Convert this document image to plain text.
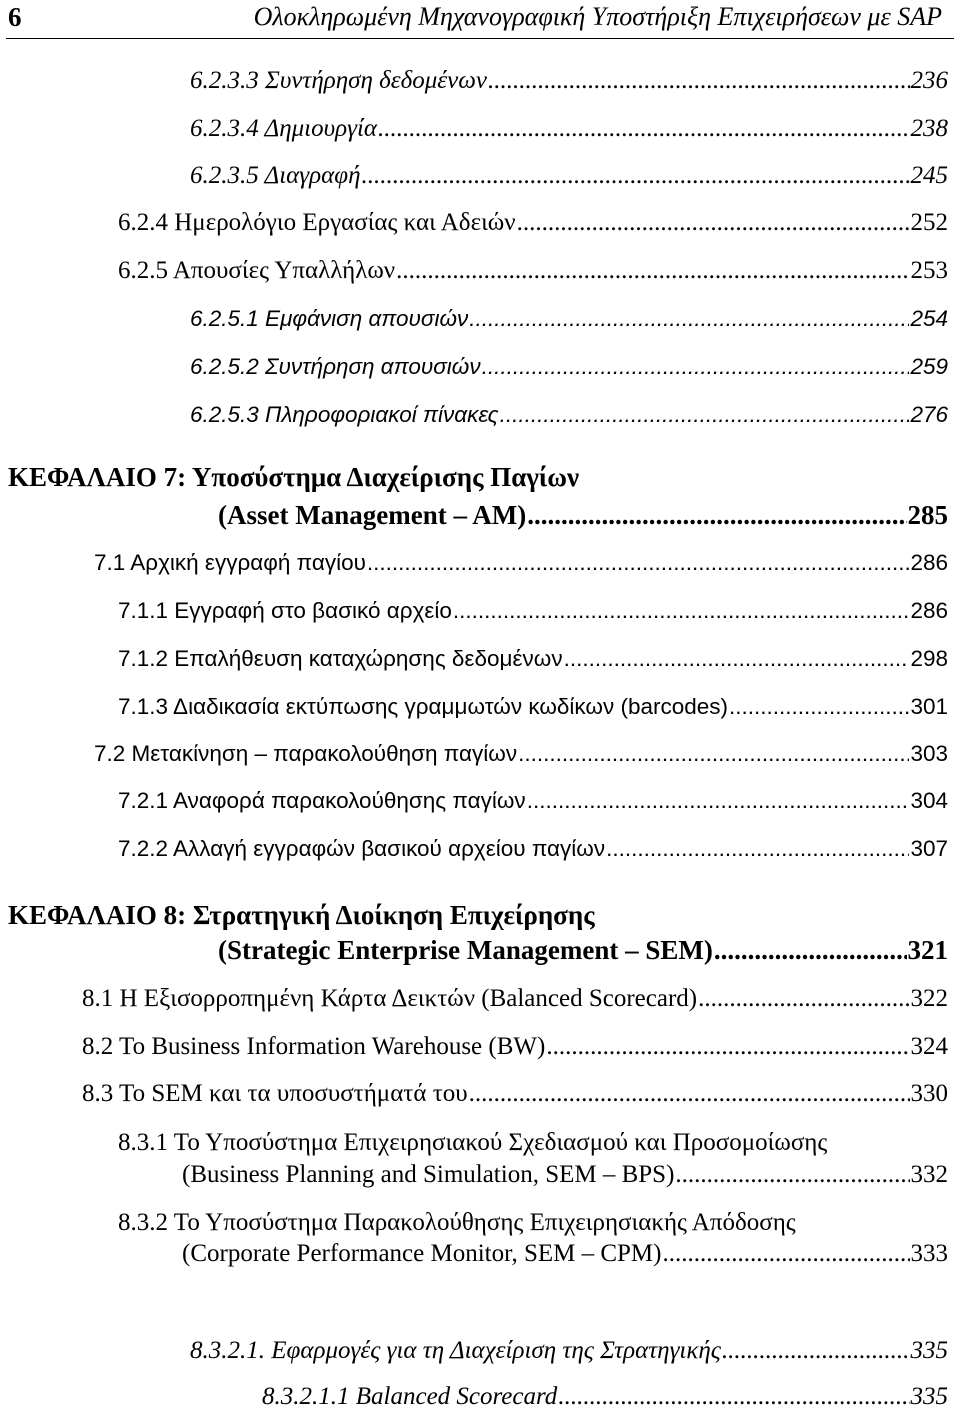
6	Ολοκληρωμένη Μηχανογραφική Υποστήριξη Επιχειρήσεων με SAP
6.2.3.3 Συντήρηση δεδομένων .....	236
6.2.3.4 Δημιουργία .....	238
6.2.3.5 Διαγραφή .....	245
6.2.4 Ημερολόγιο Εργασίας και Αδειών .....	252
6.2.5 Απουσίες Υπαλλήλων .....	253
6.2.5.1 Εμφάνιση απουσιών .....	254
6.2.5.2 Συντήρηση απουσιών .....	259
6.2.5.3 Πληροφοριακοί πίνακες .....	276
ΚΕΦΑΛΑΙΟ 7: Υποσύστημα Διαχείρισης Παγίων
(Asset Management – AM) .....	285
7.1 Αρχική εγγραφή παγίου .....	286
7.1.1 Εγγραφή στο βασικό αρχείο .....	286
7.1.2 Επαλήθευση καταχώρησης δεδομένων .....	298
7.1.3 Διαδικασία εκτύπωσης γραμμωτών κωδίκων (barcodes) .....	301
7.2 Μετακίνηση – παρακολούθηση παγίων .....	303
7.2.1 Αναφορά παρακολούθησης παγίων .....	304
7.2.2 Αλλαγή εγγραφών βασικού αρχείου παγίων .....	307
ΚΕΦΑΛΑΙΟ 8: Στρατηγική Διοίκηση Επιχείρησης
(Strategic Enterprise Management – SEM) .....	321
8.1 Η Εξισορροπημένη Κάρτα Δεικτών (Balanced Scorecard) .....	322
8.2 Το Business Information Warehouse (BW) .....	324
8.3 Το SEM και τα υποσυστήματά του .....	330
8.3.1 Το Υποσύστημα Επιχειρησιακού Σχεδιασμού και Προσομοίωσης
(Business Planning and Simulation, SEM – BPS) .....	332
8.3.2 Το Υποσύστημα Παρακολούθησης Επιχειρησιακής Απόδοσης
(Corporate Performance Monitor, SEM – CPM) .....	333
8.3.2.1. Εφαρμογές για τη Διαχείριση της Στρατηγικής .....	335
8.3.2.1.1 Balanced Scorecard .....	335
